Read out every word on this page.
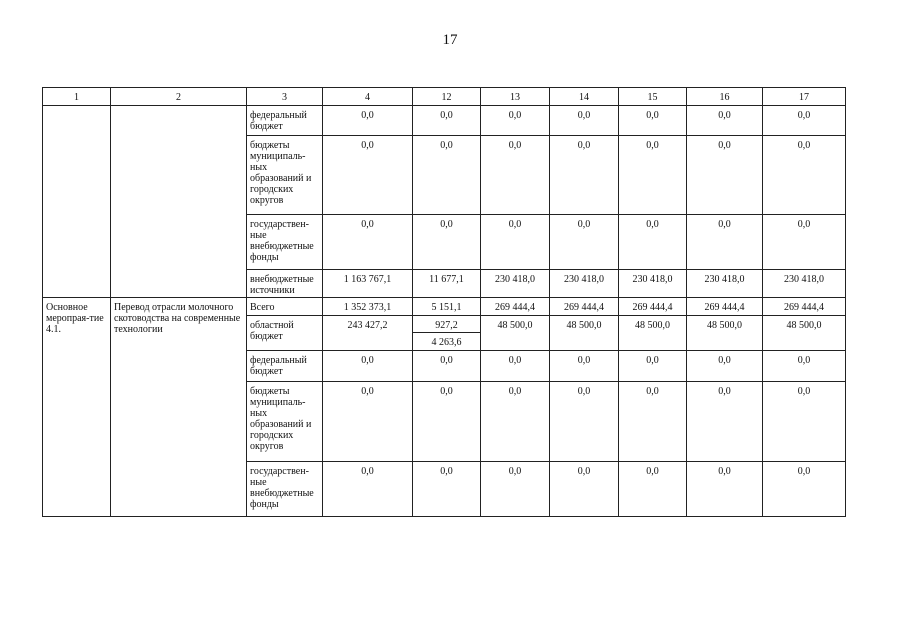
17
1	2	3	4	12	13	14	15	16	17
		федеральный бюджет	0,0	0,0	0,0	0,0	0,0	0,0	0,0
		бюджеты муниципаль-ных образований и городских округов	0,0	0,0	0,0	0,0	0,0	0,0	0,0
		государствен-ные внебюджетные фонды	0,0	0,0	0,0	0,0	0,0	0,0	0,0
		внебюджетные источники	1 163 767,1	11 677,1	230 418,0	230 418,0	230 418,0	230 418,0	230 418,0
Основное меропрая-тие 4.1.	Перевод отрасли молочного скотоводства на современные технологии	Всего	1 352 373,1	5 151,1	269 444,4	269 444,4	269 444,4	269 444,4	269 444,4
		областной бюджет	243 427,2	927,2	48 500,0	48 500,0	48 500,0	48 500,0	48 500,0
				4 263,6					
		федеральный бюджет	0,0	0,0	0,0	0,0	0,0	0,0	0,0
		бюджеты муниципаль-ных образований и городских округов	0,0	0,0	0,0	0,0	0,0	0,0	0,0
		государствен-ные внебюджетные фонды	0,0	0,0	0,0	0,0	0,0	0,0	0,0
